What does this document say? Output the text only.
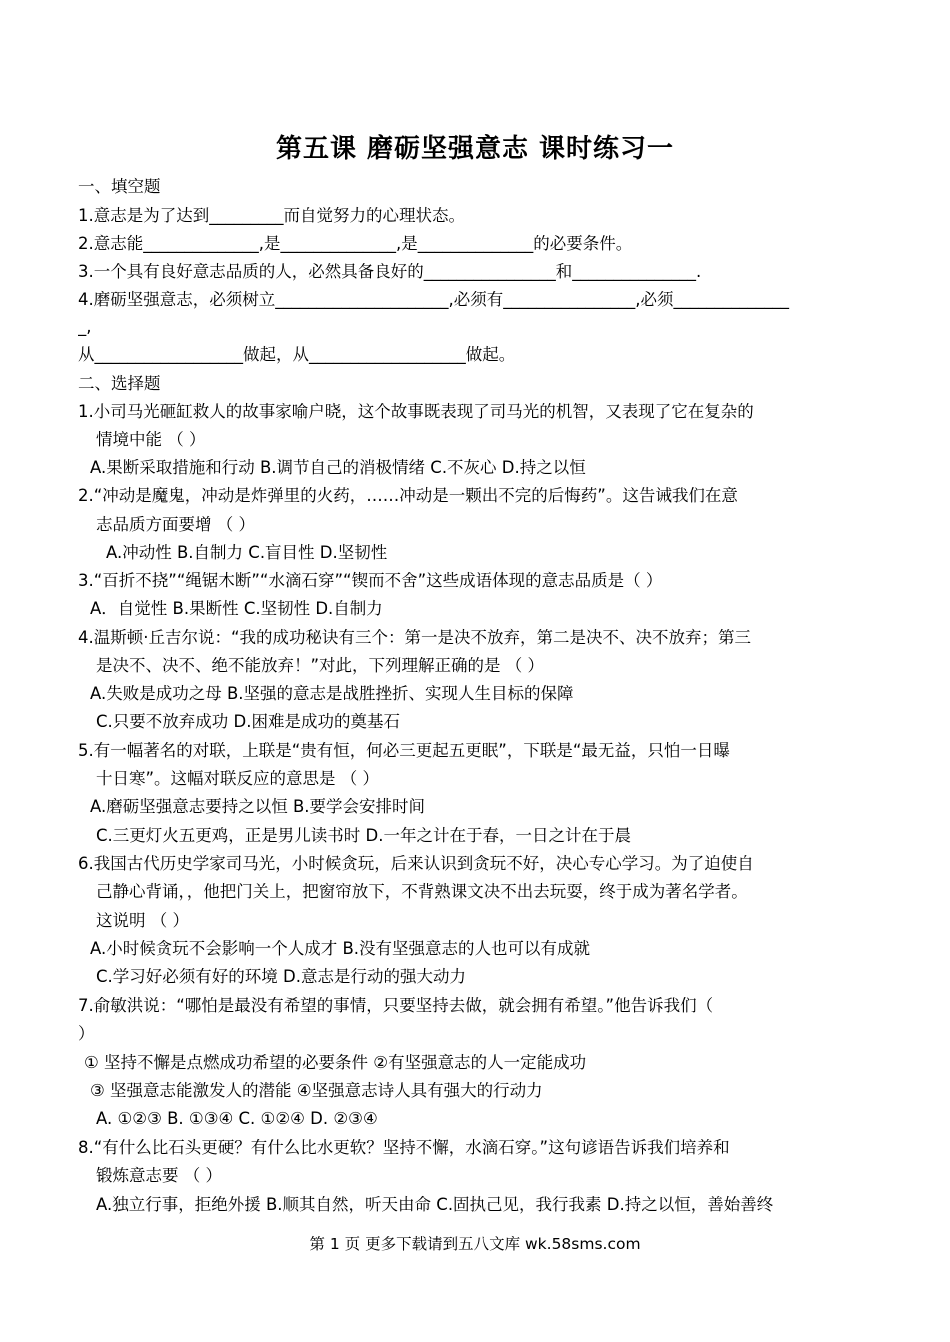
第五课 磨砺坚强意志 课时练习一
一、填空题
1.意志是为了达到_________而自觉努力的心理状态。
2.意志能______________,是______________,是______________的必要条件。
3.一个具有良好意志品质的人，必然具备良好的________________和_______________.
4.磨砺坚强意志，必须树立_____________________,必须有________________,必须______________
_,
从__________________做起，从___________________做起。
二、选择题
1.小司马光砸缸救人的故事家喻户晓，这个故事既表现了司马光的机智，又表现了它在复杂的
情境中能 （ ）
A.果断采取措施和行动 B.调节自己的消极情绪 C.不灰心 D.持之以恒
2.“冲动是魔鬼，冲动是炸弹里的火药，……冲动是一颗出不完的后悔药”。这告诫我们在意
志品质方面要增 （ ）
A.冲动性 B.自制力 C.盲目性 D.坚韧性
3.“百折不挠”“绳锯木断”“水滴石穿”“锲而不舍”这些成语体现的意志品质是（ ）
A．自觉性 B.果断性 C.坚韧性 D.自制力
4.温斯顿·丘吉尔说：“我的成功秘诀有三个：第一是决不放弃，第二是决不、决不放弃；第三
是决不、决不、绝不能放弃！”对此，下列理解正确的是 （ ）
A.失败是成功之母 B.坚强的意志是战胜挫折、实现人生目标的保障
C.只要不放弃成功 D.困难是成功的奠基石
5.有一幅著名的对联，上联是“贵有恒，何必三更起五更眠”，下联是“最无益，只怕一日曝
十日寒”。这幅对联反应的意思是 （ ）
A.磨砺坚强意志要持之以恒 B.要学会安排时间
C.三更灯火五更鸡，正是男儿读书时 D.一年之计在于春，一日之计在于晨
6.我国古代历史学家司马光，小时候贪玩，后来认识到贪玩不好，决心专心学习。为了迫使自
己静心背诵，，他把门关上，把窗帘放下，不背熟课文决不出去玩耍，终于成为著名学者。
这说明 （ ）
A.小时候贪玩不会影响一个人成才 B.没有坚强意志的人也可以有成就
C.学习好必须有好的环境 D.意志是行动的强大动力
7.俞敏洪说：“哪怕是最没有希望的事情，只要坚持去做，就会拥有希望。”他告诉我们（
）
① 坚持不懈是点燃成功希望的必要条件 ②有坚强意志的人一定能成功
③ 坚强意志能激发人的潜能 ④坚强意志诗人具有强大的行动力
A. ①②③ B. ①③④ C. ①②④ D. ②③④
8.“有什么比石头更硬？有什么比水更软？坚持不懈，水滴石穿。”这句谚语告诉我们培养和
锻炼意志要 （ ）
A.独立行事，拒绝外援 B.顺其自然，听天由命 C.固执己见，我行我素 D.持之以恒，善始善终
第 1 页 更多下载请到五八文库 wk.58sms.com
